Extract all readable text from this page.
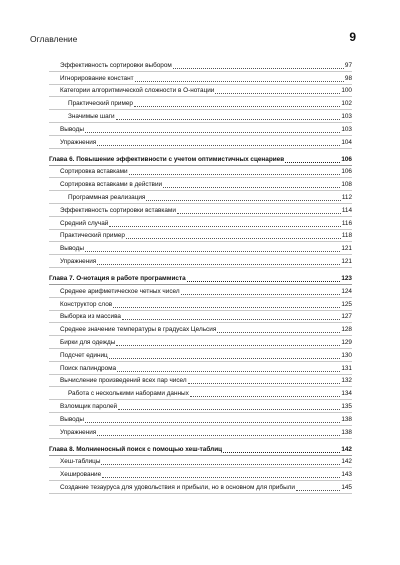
Оглавление	9
Эффективность сортировки выбором	97
Игнорирование констант	98
Категории алгоритмической сложности в О-нотации	100
Практический пример	102
Значимые шаги	103
Выводы	103
Упражнения	104
Глава 6. Повышение эффективности с учетом оптимистичных сценариев	106
Сортировка вставками	106
Сортировка вставками в действии	108
Программная реализация	112
Эффективность сортировки вставками	114
Средний случай	116
Практический пример	118
Выводы	121
Упражнения	121
Глава 7. О-нотация в работе программиста	123
Среднее арифметическое четных чисел	124
Конструктор слов	125
Выборка из массива	127
Среднее значение температуры в градусах Цельсия	128
Бирки для одежды	129
Подсчет единиц	130
Поиск палиндрома	131
Вычисление произведений всех пар чисел	132
Работа с несколькими наборами данных	134
Взломщик паролей	135
Выводы	138
Упражнения	138
Глава 8. Молниеносный поиск с помощью хеш-таблиц	142
Хеш-таблицы	142
Хеширование	143
Создание тезауруса для удовольствия и прибыли, но в основном для прибыли	145
